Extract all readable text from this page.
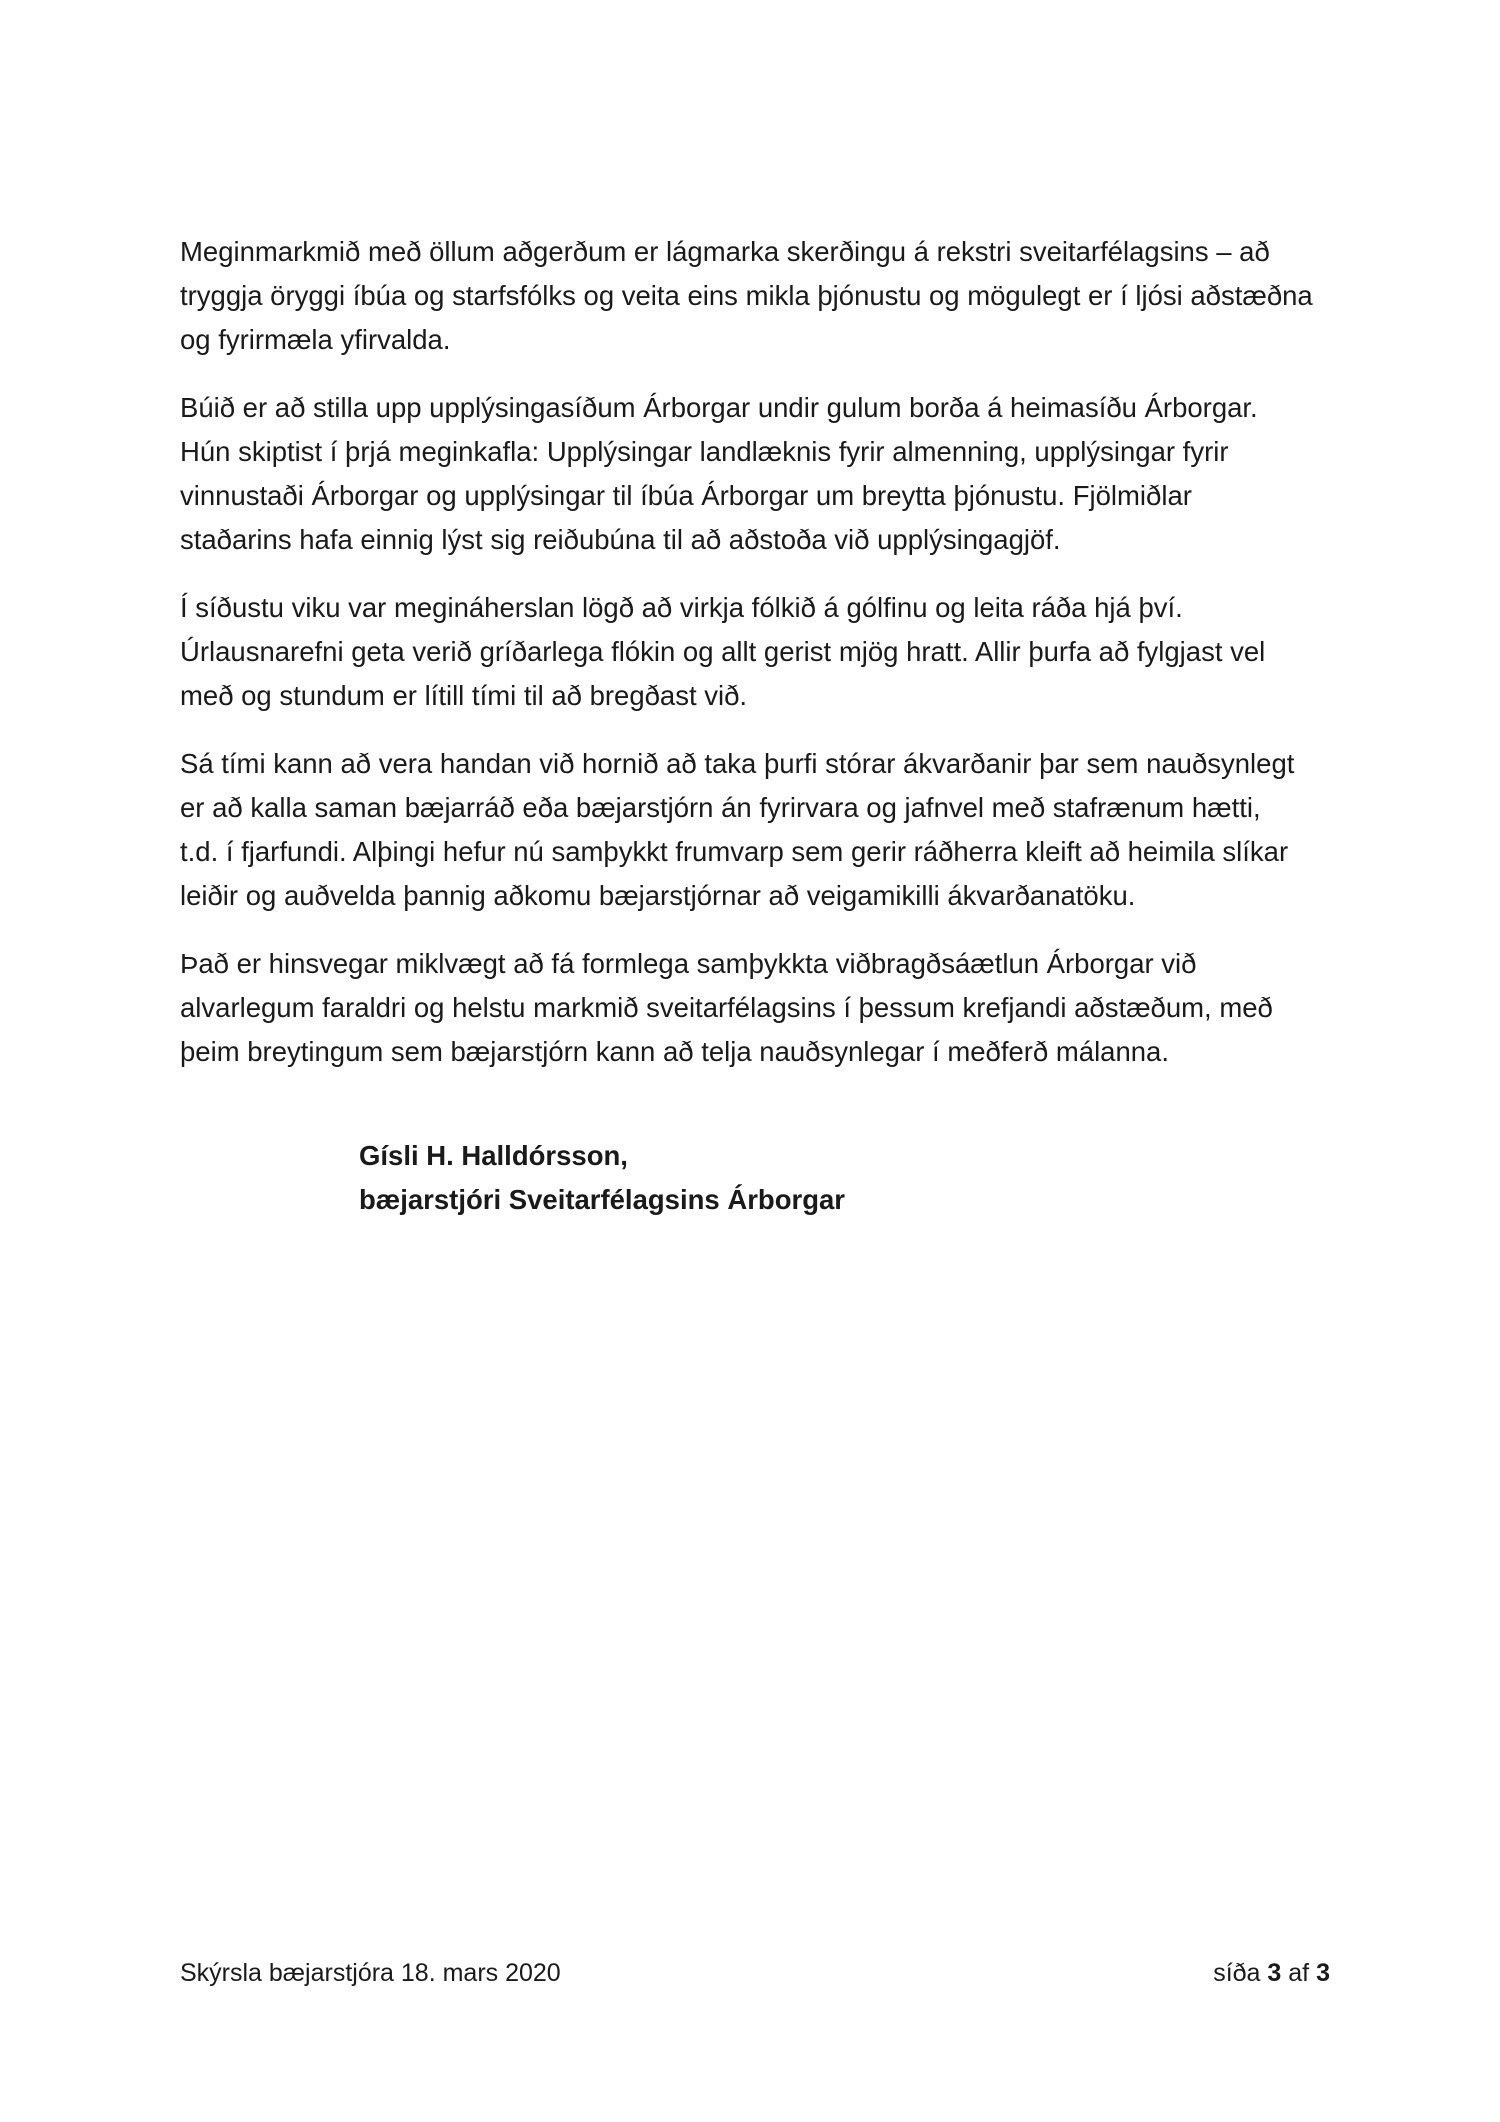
Meginmarkmið með öllum aðgerðum er lágmarka skerðingu á rekstri sveitarfélagsins – að
tryggja öryggi íbúa og starfsfólks og veita eins mikla þjónustu og mögulegt er í ljósi aðstæðna
og fyrirmæla yfirvalda.

Búið er að stilla upp upplýsingasíðum Árborgar undir gulum borða á heimasíðu Árborgar.
Hún skiptist í þrjá meginkafla: Upplýsingar landlæknis fyrir almenning, upplýsingar fyrir
vinnustaði Árborgar og upplýsingar til íbúa Árborgar um breytta þjónustu. Fjölmiðlar
staðarins hafa einnig lýst sig reiðubúna til að aðstoða við upplýsingagjöf.

Í síðustu viku var megináherslan lögð að virkja fólkið á gólfinu og leita ráða hjá því.
Úrlausnarefni geta verið gríðarlega flókin og allt gerist mjög hratt. Allir þurfa að fylgjast vel
með og stundum er lítill tími til að bregðast við.

Sá tími kann að vera handan við hornið að taka þurfi stórar ákvarðanir þar sem nauðsynlegt
er að kalla saman bæjarráð eða bæjarstjórn án fyrirvara og jafnvel með stafrænum hætti,
t.d. í fjarfundi. Alþingi hefur nú samþykkt frumvarp sem gerir ráðherra kleift að heimila slíkar
leiðir og auðvelda þannig aðkomu bæjarstjórnar að veigamikilli ákvarðanatöku.

Það er hinsvegar miklvægt að fá formlega samþykkta viðbragðsáætlun Árborgar við
alvarlegum faraldri og helstu markmið sveitarfélagsins í þessum krefjandi aðstæðum, með
þeim breytingum sem bæjarstjórn kann að telja nauðsynlegar í meðferð málanna.

Gísli H. Halldórsson,
bæjarstjóri Sveitarfélagsins Árborgar
Skýrsla bæjarstjóra 18. mars 2020	síða 3 af 3
